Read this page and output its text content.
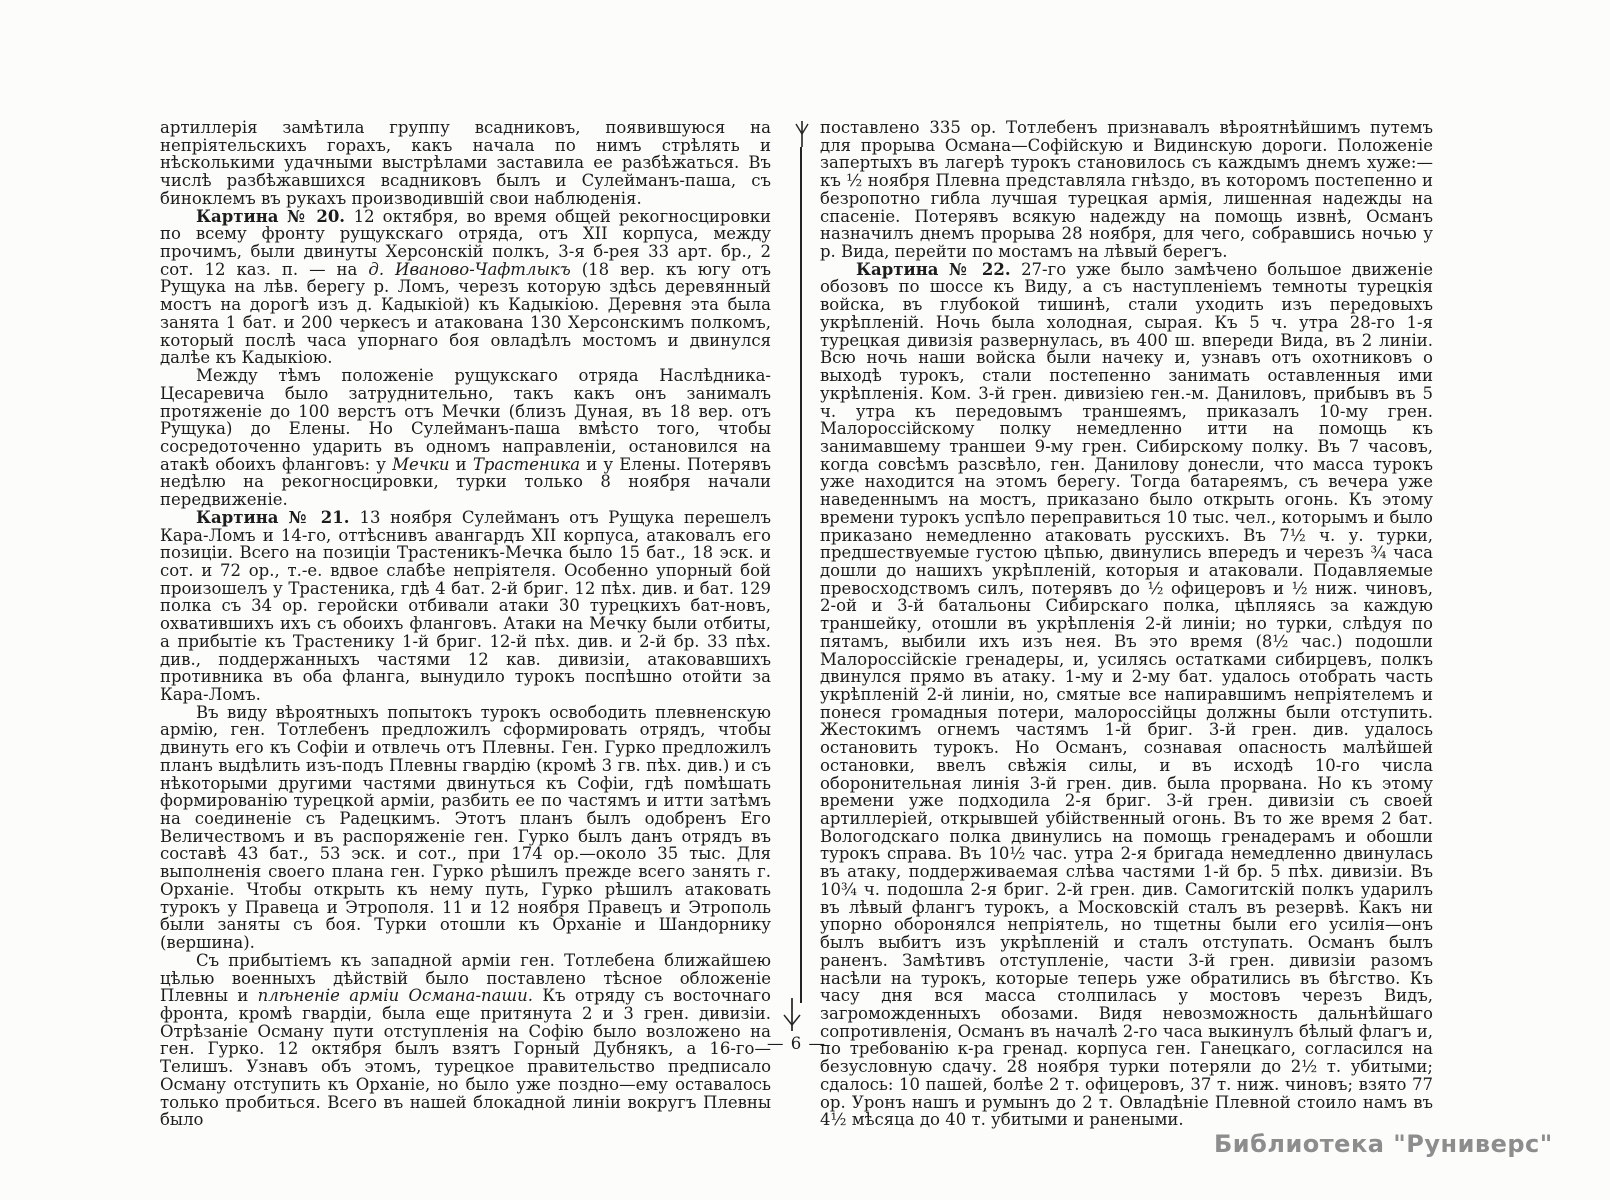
артиллерія замѣтила группу всадниковъ, появившуюся на непріятельскихъ горахъ, какъ начала по нимъ стрѣлять и нѣсколькими удачными выстрѣлами заставила ее разбѣжаться. Въ числѣ разбѣжавшихся всадниковъ былъ и Сулейманъ-паша, съ биноклемъ въ рукахъ производившій свои наблюденія.

Картина № 20. 12 октября, во время общей рекогносцировки по всему фронту рущукскаго отряда, отъ XII корпуса, между прочимъ, были двинуты Херсонскій полкъ, 3-я б-рея 33 арт. бр., 2 сот. 12 каз. п. — на д. Иваново-Чафтлыкъ (18 вер. къ югу отъ Рущука на лѣв. берегу р. Ломъ, черезъ которую здѣсь деревянный мостъ на дорогѣ изъ д. Кадыкіой) къ Кадыкіою. Деревня эта была занята 1 бат. и 200 черкесъ и атакована 130 Херсонскимъ полкомъ, который послѣ часа упорнаго боя овладѣлъ мостомъ и двинулся далѣе къ Кадыкіою.

Между тѣмъ положеніе рущукскаго отряда Наслѣдника-Цесаревича было затруднительно, такъ какъ онъ занималъ протяженіе до 100 верстъ отъ Мечки (близъ Дуная, въ 18 вер. отъ Рущука) до Елены. Но Сулейманъ-паша вмѣсто того, чтобы сосредоточенно ударить въ одномъ направленіи, остановился на атакѣ обоихъ фланговъ: у Мечки и Трастеника и у Елены. Потерявъ недѣлю на рекогносцировки, турки только 8 ноября начали передвиженіе.

Картина № 21. 13 ноября Сулейманъ отъ Рущука перешелъ Кара-Ломъ и 14-го, оттѣснивъ авангардъ XII корпуса, атаковалъ его позиціи. Всего на позиціи Трастеникъ-Мечка было 15 бат., 18 эск. и сот. и 72 ор., т.-е. вдвое слабѣе непріятеля. Особенно упорный бой произошелъ у Трастеника, гдѣ 4 бат. 2-й бриг. 12 пѣх. див. и бат. 129 полка съ 34 ор. геройски отбивали атаки 30 турецкихъ бат-новъ, охватившихъ ихъ съ обоихъ фланговъ. Атаки на Мечку были отбиты, а прибытіе къ Трастенику 1-й бриг. 12-й пѣх. див. и 2-й бр. 33 пѣх. див., поддержанныхъ частями 12 кав. дивизіи, атаковавшихъ противника въ оба фланга, вынудило турокъ поспѣшно отойти за Кара-Ломъ.

Въ виду вѣроятныхъ попытокъ турокъ освободить плевненскую армію, ген. Тотлебенъ предложилъ сформировать отрядъ, чтобы двинуть его къ Софіи и отвлечь отъ Плевны. Ген. Гурко предложилъ планъ выдѣлить изъ-подъ Плевны гвардію (кромѣ 3 гв. пѣх. див.) и съ нѣкоторыми другими частями двинуться къ Софіи, гдѣ помѣшать формированію турецкой арміи, разбить ее по частямъ и итти затѣмъ на соединеніе съ Радецкимъ. Этотъ планъ былъ одобренъ Его Величествомъ и въ распоряженіе ген. Гурко былъ данъ отрядъ въ составѣ 43 бат., 53 эск. и сот., при 174 ор.—около 35 тыс. Для выполненія своего плана ген. Гурко рѣшилъ прежде всего занять г. Орханіе. Чтобы открыть къ нему путь, Гурко рѣшилъ атаковать турокъ у Правеца и Этрополя. 11 и 12 ноября Правецъ и Этрополь были заняты съ боя. Турки отошли къ Орханіе и Шандорнику (вершина).

Съ прибытіемъ къ западной арміи ген. Тотлебена ближайшею цѣлью военныхъ дѣйствій было поставлено тѣсное обложеніе Плевны и плѣненіе арміи Османа-паши. Къ отряду съ восточнаго фронта, кромѣ гвардіи, была еще притянута 2 и 3 грен. дивизіи. Отрѣзаніе Осману пути отступленія на Софію было возложено на ген. Гурко. 12 октября былъ взятъ Горный Дубнякъ, а 16-го—Телишъ. Узнавъ объ этомъ, турецкое правительство предписало Осману отступить къ Орханіе, но было уже поздно—ему оставалось только пробиться. Всего въ нашей блокадной линіи вокругъ Плевны было

поставлено 335 ор. Тотлебенъ признавалъ вѣроятнѣйшимъ путемъ для прорыва Османа—Софійскую и Видинскую дороги. Положеніе запертыхъ въ лагерѣ турокъ становилось съ каждымъ днемъ хуже:—къ ½ ноября Плевна представляла гнѣздо, въ которомъ постепенно и безропотно гибла лучшая турецкая армія, лишенная надежды на спасеніе. Потерявъ всякую надежду на помощь извнѣ, Османъ назначилъ днемъ прорыва 28 ноября, для чего, собравшись ночью у р. Вида, перейти по мостамъ на лѣвый берегъ.

Картина № 22. 27-го уже было замѣчено большое движеніе обозовъ по шоссе къ Виду, а съ наступленіемъ темноты турецкія войска, въ глубокой тишинѣ, стали уходить изъ передовыхъ укрѣпленій. Ночь была холодная, сырая. Къ 5 ч. утра 28-го 1-я турецкая дивизія развернулась, въ 400 ш. впереди Вида, въ 2 линіи. Всю ночь наши войска были начеку и, узнавъ отъ охотниковъ о выходѣ турокъ, стали постепенно занимать оставленныя ими укрѣпленія. Ком. 3-й грен. дивизіею ген.-м. Даниловъ, прибывъ въ 5 ч. утра къ передовымъ траншеямъ, приказалъ 10-му грен. Малороссійскому полку немедленно итти на помощь къ занимавшему траншеи 9-му грен. Сибирскому полку. Въ 7 часовъ, когда совсѣмъ разсвѣло, ген. Данилову донесли, что масса турокъ уже находится на этомъ берегу. Тогда батареямъ, съ вечера уже наведеннымъ на мостъ, приказано было открыть огонь. Къ этому времени турокъ успѣло переправиться 10 тыс. чел., которымъ и было приказано немедленно атаковать русскихъ. Въ 7½ ч. у. турки, предшествуемые густою цѣпью, двинулись впередъ и черезъ ¾ часа дошли до нашихъ укрѣпленій, которыя и атаковали. Подавляемые превосходствомъ силъ, потерявъ до ½ офицеровъ и ½ ниж. чиновъ, 2-ой и 3-й батальоны Сибирскаго полка, цѣпляясь за каждую траншейку, отошли въ укрѣпленія 2-й линіи; но турки, слѣдуя по пятамъ, выбили ихъ изъ нея. Въ это время (8½ час.) подошли Малороссійскіе гренадеры, и, усилясь остатками сибирцевъ, полкъ двинулся прямо въ атаку. 1-му и 2-му бат. удалось отобрать часть укрѣпленій 2-й линіи, но, смятые все напиравшимъ непріятелемъ и понеся громадныя потери, малороссійцы должны были отступить. Жестокимъ огнемъ частямъ 1-й бриг. 3-й грен. див. удалось остановить турокъ. Но Османъ, сознавая опасность малѣйшей остановки, ввелъ свѣжія силы, и въ исходѣ 10-го числа оборонительная линія 3-й грен. див. была прорвана. Но къ этому времени уже подходила 2-я бриг. 3-й грен. дивизіи съ своей артиллеріей, открывшей убійственный огонь. Въ то же время 2 бат. Вологодскаго полка двинулись на помощь гренадерамъ и обошли турокъ справа. Въ 10½ час. утра 2-я бригада немедленно двинулась въ атаку, поддерживаемая слѣва частями 1-й бр. 5 пѣх. дивизіи. Въ 10¾ ч. подошла 2-я бриг. 2-й грен. див. Самогитскій полкъ ударилъ въ лѣвый флангъ турокъ, а Московскій сталъ въ резервѣ. Какъ ни упорно оборонялся непріятель, но тщетны были его усилія—онъ былъ выбитъ изъ укрѣпленій и сталъ отступать. Османъ былъ раненъ. Замѣтивъ отступленіе, части 3-й грен. дивизіи разомъ насѣли на турокъ, которые теперь уже обратились въ бѣгство. Къ часу дня вся масса столпилась у мостовъ черезъ Видъ, загроможденныхъ обозами. Видя невозможность дальнѣйшаго сопротивленія, Османъ въ началѣ 2-го часа выкинулъ бѣлый флагъ и, по требованію к-ра гренад. корпуса ген. Ганецкаго, согласился на безусловную сдачу. 28 ноября турки потеряли до 2½ т. убитыми; сдалось: 10 пашей, болѣе 2 т. офицеровъ, 37 т. ниж. чиновъ; взято 77 ор. Уронъ нашъ и румынъ до 2 т. Овладѣніе Плевной стоило намъ въ 4½ мѣсяца до 40 т. убитыми и ранеными.

— 6 —
Библиотека "Руниверс"
